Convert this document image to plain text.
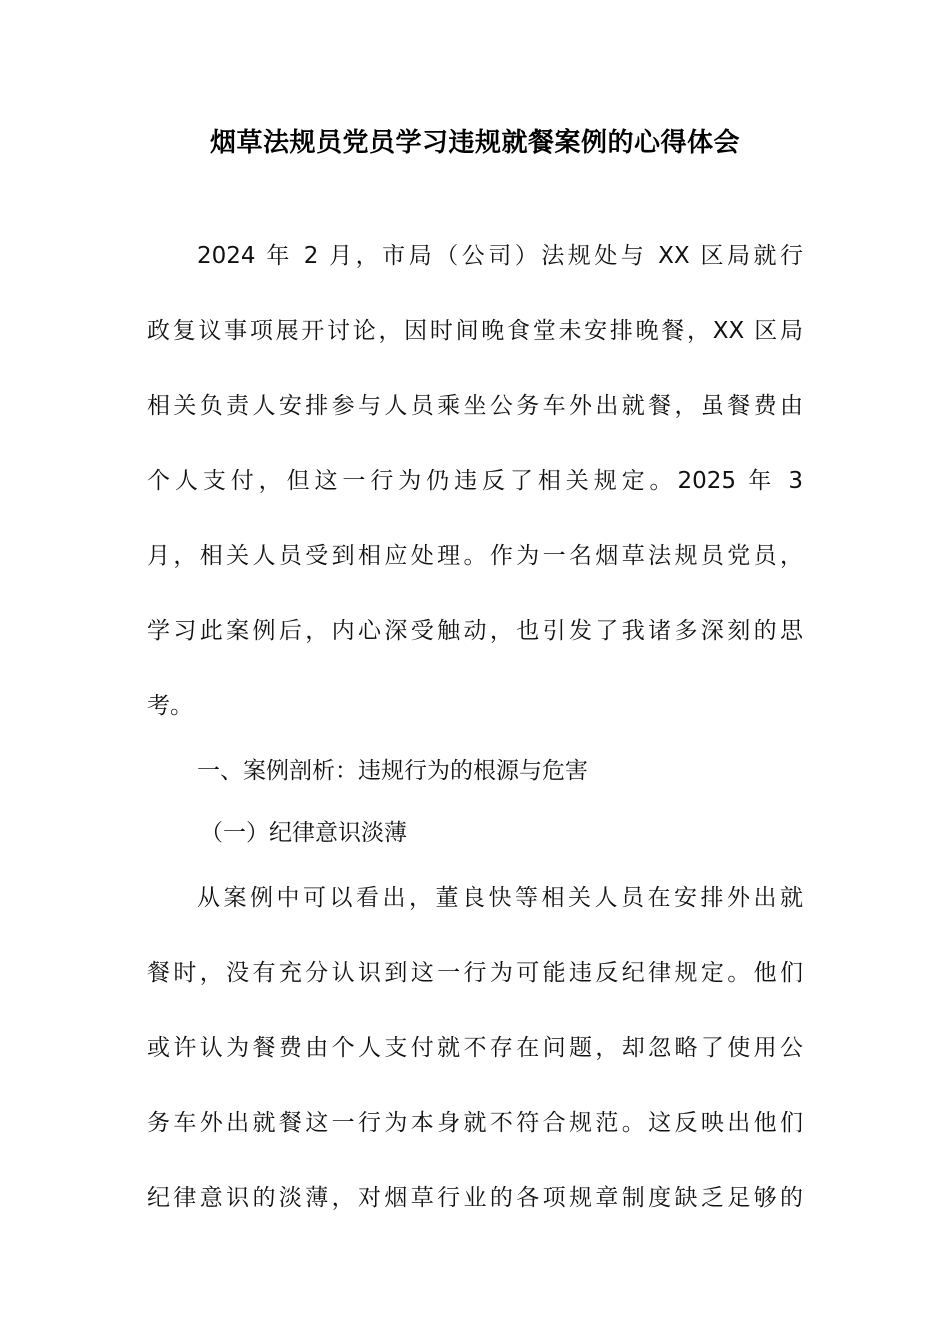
烟草法规员党员学习违规就餐案例的心得体会
2024 年 2 月，市局（公司）法规处与 XX 区局就行
政复议事项展开讨论，因时间晚食堂未安排晚餐，XX 区局
相关负责人安排参与人员乘坐公务车外出就餐，虽餐费由
个人支付，但这一行为仍违反了相关规定。2025 年 3
月，相关人员受到相应处理。作为一名烟草法规员党员，
学习此案例后，内心深受触动，也引发了我诸多深刻的思
考。
一、案例剖析：违规行为的根源与危害
（一）纪律意识淡薄
从案例中可以看出，董良快等相关人员在安排外出就
餐时，没有充分认识到这一行为可能违反纪律规定。他们
或许认为餐费由个人支付就不存在问题，却忽略了使用公
务车外出就餐这一行为本身就不符合规范。这反映出他们
纪律意识的淡薄，对烟草行业的各项规章制度缺乏足够的
